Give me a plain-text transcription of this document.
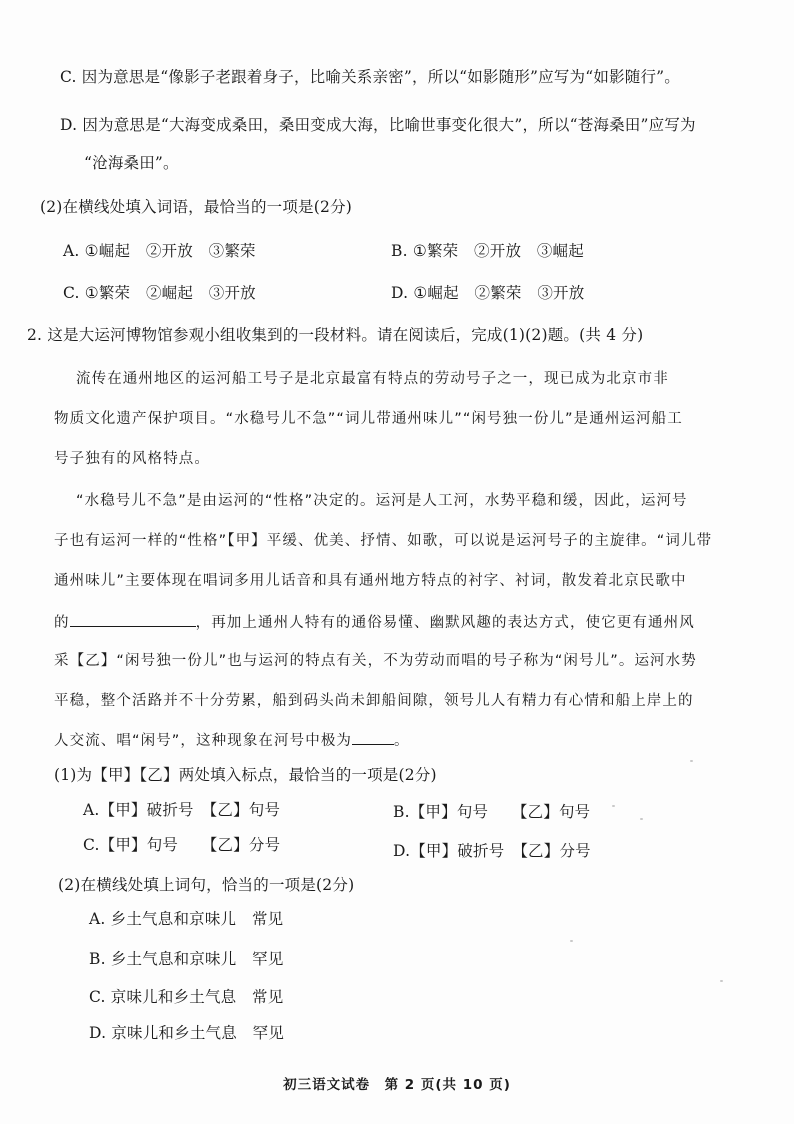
C. 因为意思是“像影子老跟着身子，比喻关系亲密”，所以“如影随形”应写为“如影随行”。
D. 因为意思是“大海变成桑田，桑田变成大海，比喻世事变化很大”，所以“苍海桑田”应写为
“沧海桑田”。
(2)在横线处填入词语，最恰当的一项是(2分)
A. ①崛起　②开放　③繁荣	B. ①繁荣　②开放　③崛起
C. ①繁荣　②崛起　③开放	D. ①崛起　②繁荣　③开放
2. 这是大运河博物馆参观小组收集到的一段材料。请在阅读后，完成(1)(2)题。(共 4 分)
流传在通州地区的运河船工号子是北京最富有特点的劳动号子之一，现已成为北京市非
物质文化遗产保护项目。“水稳号儿不急”“词儿带通州味儿”“闲号独一份儿”是通州运河船工
号子独有的风格特点。
“水稳号儿不急”是由运河的“性格”决定的。运河是人工河，水势平稳和缓，因此，运河号
子也有运河一样的“性格”【甲】平缓、优美、抒情、如歌，可以说是运河号子的主旋律。“词儿带
通州味儿”主要体现在唱词多用儿话音和具有通州地方特点的衬字、衬词，散发着北京民歌中
的	，再加上通州人特有的通俗易懂、幽默风趣的表达方式，使它更有通州风
采【乙】“闲号独一份儿”也与运河的特点有关，不为劳动而唱的号子称为“闲号儿”。运河水势
平稳，整个活路并不十分劳累，船到码头尚未卸船间隙，领号儿人有精力有心情和船上岸上的
人交流、唱“闲号”，这种现象在河号中极为	。
(1)为【甲】【乙】两处填入标点，最恰当的一项是(2分)
A.【甲】破折号　【乙】句号	B.【甲】句号　　【乙】句号
C.【甲】句号　　【乙】分号	D.【甲】破折号　【乙】分号
(2)在横线处填上词句，恰当的一项是(2分)
A. 乡土气息和京味儿　常见
B. 乡土气息和京味儿　罕见
C. 京味儿和乡土气息　常见
D. 京味儿和乡土气息　罕见
初三语文试卷　第 2 页(共 10 页)
